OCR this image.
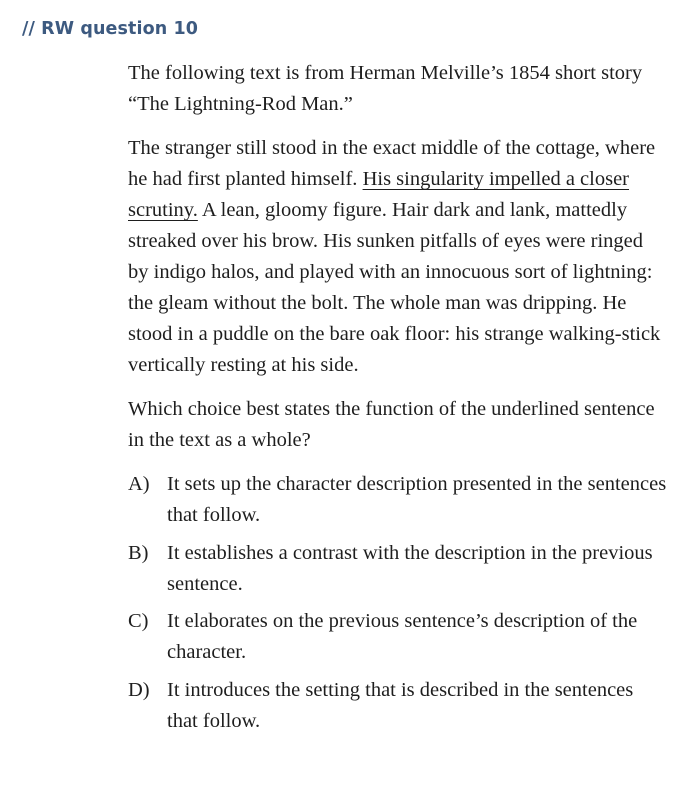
// RW question 10

The following text is from Herman Melville’s 1854 short story “The Lightning-Rod Man.”

The stranger still stood in the exact middle of the cottage, where he had first planted himself. His singularity impelled a closer scrutiny. A lean, gloomy figure. Hair dark and lank, mattedly streaked over his brow. His sunken pitfalls of eyes were ringed by indigo halos, and played with an innocuous sort of lightning: the gleam without the bolt. The whole man was dripping. He stood in a puddle on the bare oak floor: his strange walking-stick vertically resting at his side.

Which choice best states the function of the underlined sentence in the text as a whole?

A) It sets up the character description presented in the sentences that follow.
B) It establishes a contrast with the description in the previous sentence.
C) It elaborates on the previous sentence’s description of the character.
D) It introduces the setting that is described in the sentences that follow.
